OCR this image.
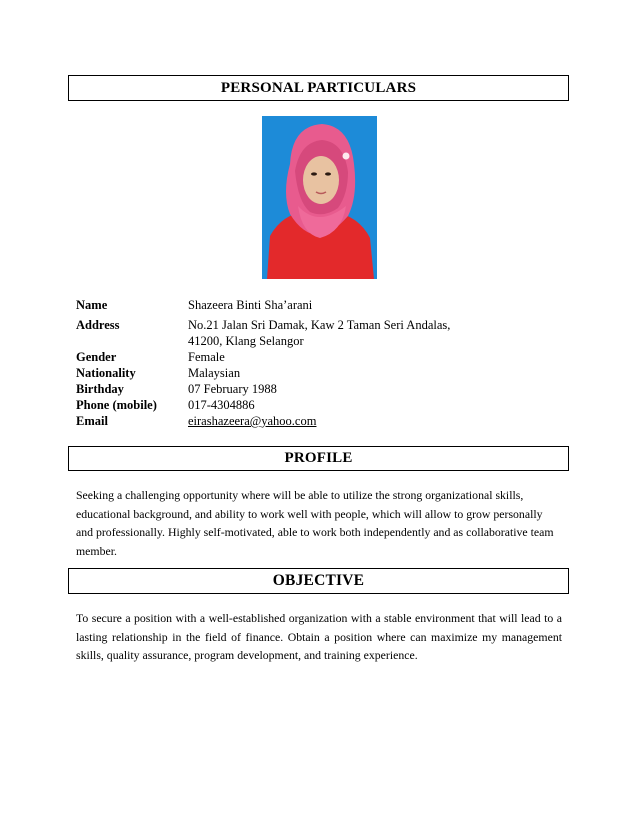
PERSONAL PARTICULARS
Name	Shazeera Binti Sha’arani
Address	No.21 Jalan Sri Damak, Kaw 2 Taman Seri Andalas,
41200, Klang Selangor
Gender	Female
Nationality	Malaysian
Birthday	07 February 1988
Phone (mobile)	017-4304886
Email	eirashazeera@yahoo.com
PROFILE
Seeking a challenging opportunity where will be able to utilize the strong organizational skills, educational background, and ability to work well with people, which will allow to grow personally and professionally. Highly self-motivated, able to work both independently and as collaborative team member.
OBJECTIVE
To secure a position with a well-established organization with a stable environment that will lead to a lasting relationship in the field of finance. Obtain a position where can maximize my management skills, quality assurance, program development, and training experience.
